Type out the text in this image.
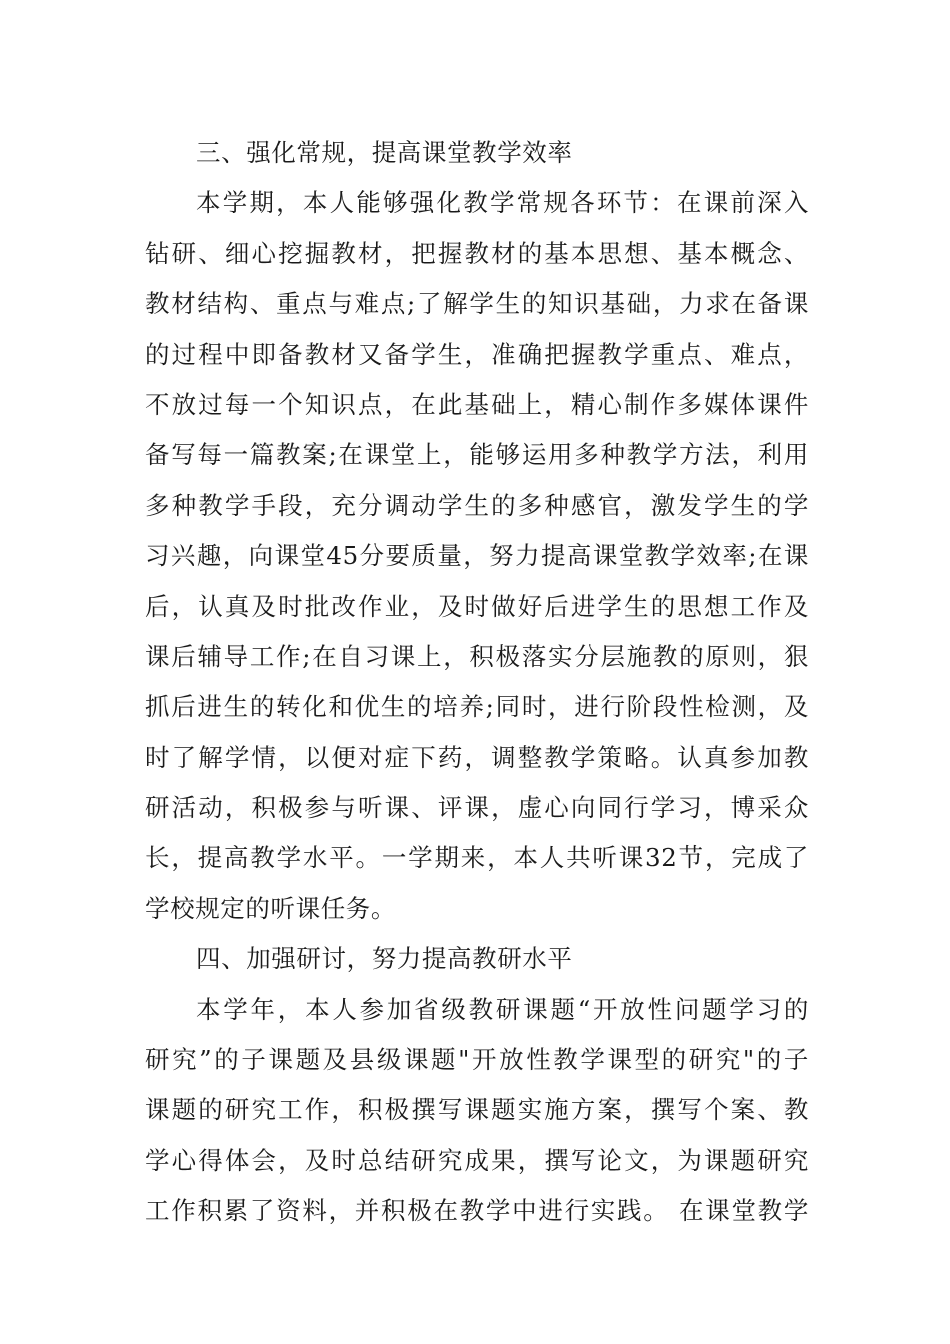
三、强化常规，提高课堂教学效率
本学期，本人能够强化教学常规各环节：在课前深入
钻研、细心挖掘教材，把握教材的基本思想、基本概念、
教材结构、重点与难点;了解学生的知识基础，力求在备课
的过程中即备教材又备学生，准确把握教学重点、难点，
不放过每一个知识点，在此基础上，精心制作多媒体课件
备写每一篇教案;在课堂上，能够运用多种教学方法，利用
多种教学手段，充分调动学生的多种感官，激发学生的学
习兴趣，向课堂45分要质量，努力提高课堂教学效率;在课
后，认真及时批改作业，及时做好后进学生的思想工作及
课后辅导工作;在自习课上，积极落实分层施教的原则，狠
抓后进生的转化和优生的培养;同时，进行阶段性检测，及
时了解学情，以便对症下药，调整教学策略。认真参加教
研活动，积极参与听课、评课，虚心向同行学习，博采众
长，提高教学水平。一学期来，本人共听课32节，完成了
学校规定的听课任务。
四、加强研讨，努力提高教研水平
本学年，本人参加省级教研课题“开放性问题学习的
研究”的子课题及县级课题"开放性教学课型的研究"的子
课题的研究工作，积极撰写课题实施方案，撰写个案、教
学心得体会，及时总结研究成果，撰写论文，为课题研究
工作积累了资料，并积极在教学中进行实践。 在课堂教学
